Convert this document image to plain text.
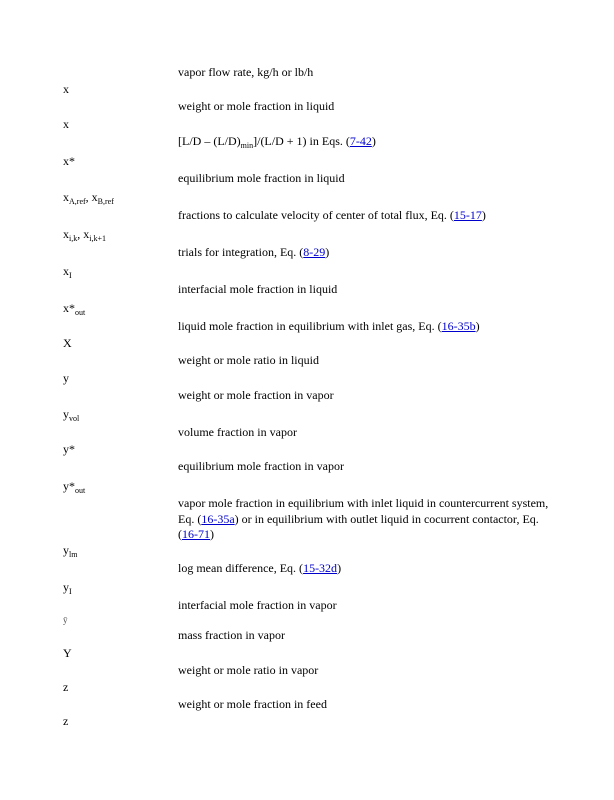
vapor flow rate, kg/h or lb/h
x
weight or mole fraction in liquid
x
$[L/D - (L/D)_{min}]/(L/D + 1)$ in Eqs. (7-42)
x*
equilibrium mole fraction in liquid
$x_{A,ref}$, $x_{B,ref}$
fractions to calculate velocity of center of total flux, Eq. (15-17)
$x_{i,k}$, $x_{i,k+1}$
trials for integration, Eq. (8-29)
$x_I$
interfacial mole fraction in liquid
$x*_{out}$
liquid mole fraction in equilibrium with inlet gas, Eq. (16-35b)
X
weight or mole ratio in liquid
y
weight or mole fraction in vapor
$y_{vol}$
volume fraction in vapor
y*
equilibrium mole fraction in vapor
$y*_{out}$
vapor mole fraction in equilibrium with inlet liquid in countercurrent system, Eq. (16-35a) or in equilibrium with outlet liquid in cocurrent contactor, Eq. (16-71)
$y_{lm}$
log mean difference, Eq. (15-32d)
$y_I$
interfacial mole fraction in vapor
ȳ
mass fraction in vapor
Y
weight or mole ratio in vapor
z
weight or mole fraction in feed
z
